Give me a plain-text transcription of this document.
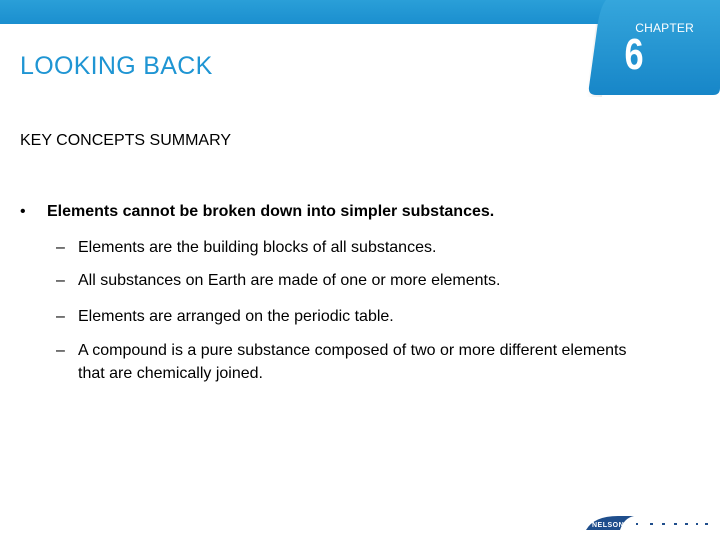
CHAPTER
6
LOOKING BACK
KEY CONCEPTS SUMMARY
• Elements cannot be broken down into simpler substances.
– Elements are the building blocks of all substances.
– All substances on Earth are made of one or more elements.
– Elements are arranged on the periodic table.
– A compound is a pure substance composed of two or more different elements that are chemically joined.
NELSON
